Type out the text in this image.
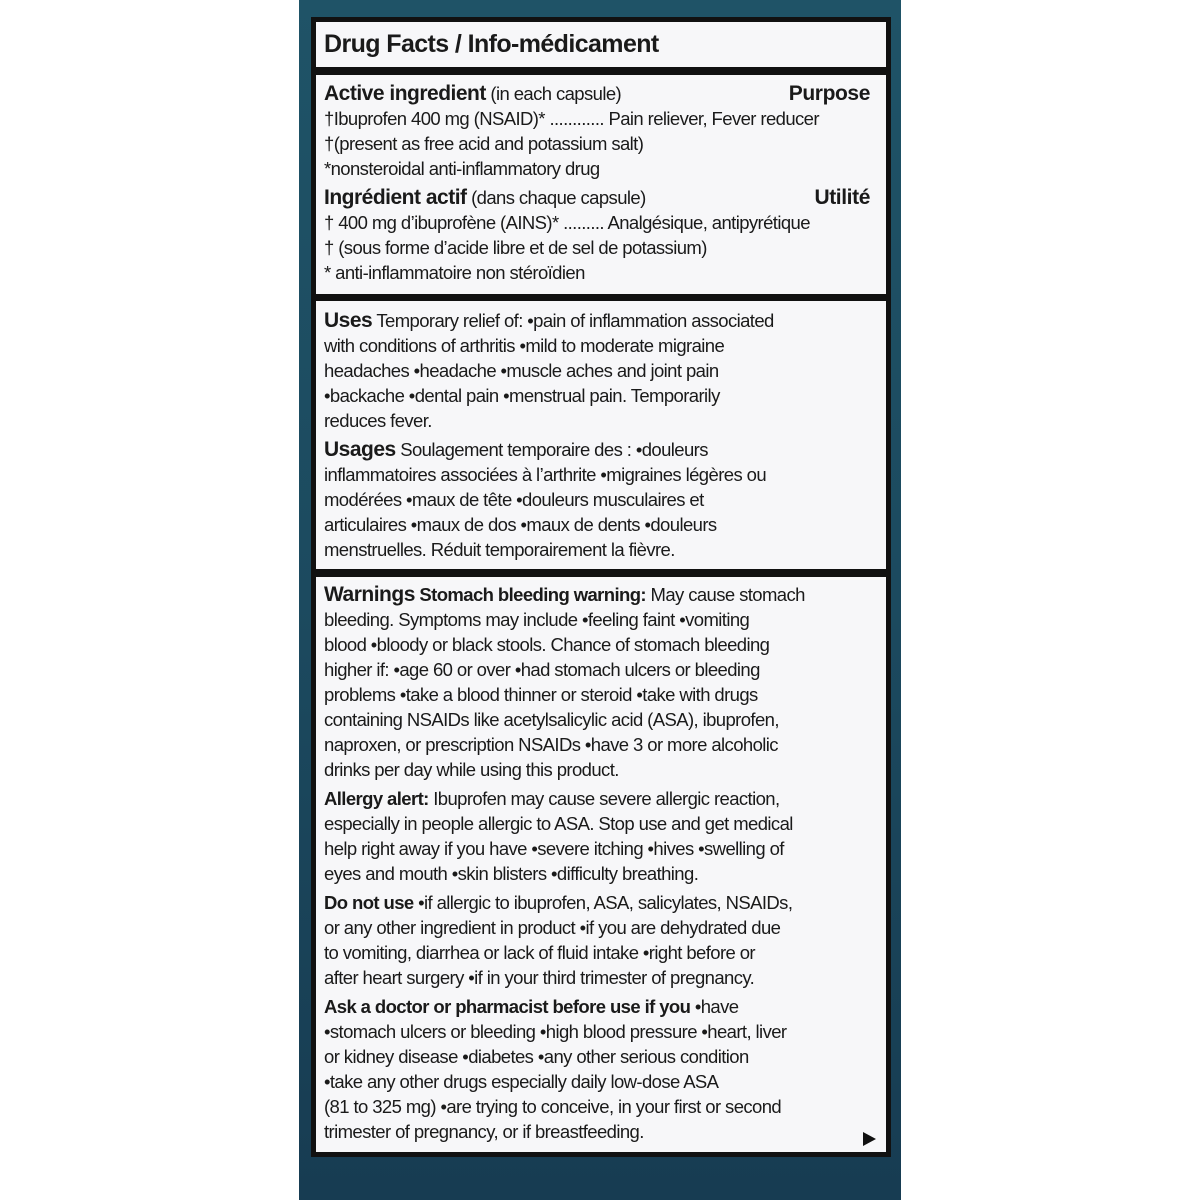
Drug Facts / Info-médicament
Purpose
Active ingredient (in each capsule)
†Ibuprofen 400 mg (NSAID)* ............ Pain reliever, Fever reducer
†(present as free acid and potassium salt)
*nonsteroidal anti-inflammatory drug
Utilité
Ingrédient actif (dans chaque capsule)
† 400 mg d’ibuprofène (AINS)* ......... Analgésique, antipyrétique
† (sous forme d’acide libre et de sel de potassium)
* anti-inflammatoire non stéroïdien
Uses Temporary relief of: •pain of inflammation associated
with conditions of arthritis •mild to moderate migraine
headaches •headache •muscle aches and joint pain
•backache •dental pain •menstrual pain. Temporarily
reduces fever.
Usages Soulagement temporaire des : •douleurs
inflammatoires associées à l’arthrite •migraines légères ou
modérées •maux de tête •douleurs musculaires et
articulaires •maux de dos •maux de dents •douleurs
menstruelles. Réduit temporairement la fièvre.
Warnings Stomach bleeding warning: May cause stomach
bleeding. Symptoms may include •feeling faint •vomiting
blood •bloody or black stools. Chance of stomach bleeding
higher if: •age 60 or over •had stomach ulcers or bleeding
problems •take a blood thinner or steroid •take with drugs
containing NSAIDs like acetylsalicylic acid (ASA), ibuprofen,
naproxen, or prescription NSAIDs •have 3 or more alcoholic
drinks per day while using this product.
Allergy alert: Ibuprofen may cause severe allergic reaction,
especially in people allergic to ASA. Stop use and get medical
help right away if you have •severe itching •hives •swelling of
eyes and mouth •skin blisters •difficulty breathing.
Do not use •if allergic to ibuprofen, ASA, salicylates, NSAIDs,
or any other ingredient in product •if you are dehydrated due
to vomiting, diarrhea or lack of fluid intake •right before or
after heart surgery •if in your third trimester of pregnancy.
Ask a doctor or pharmacist before use if you •have
•stomach ulcers or bleeding •high blood pressure •heart, liver
or kidney disease •diabetes •any other serious condition
•take any other drugs especially daily low-dose ASA
(81 to 325 mg) •are trying to conceive, in your first or second
trimester of pregnancy, or if breastfeeding.
